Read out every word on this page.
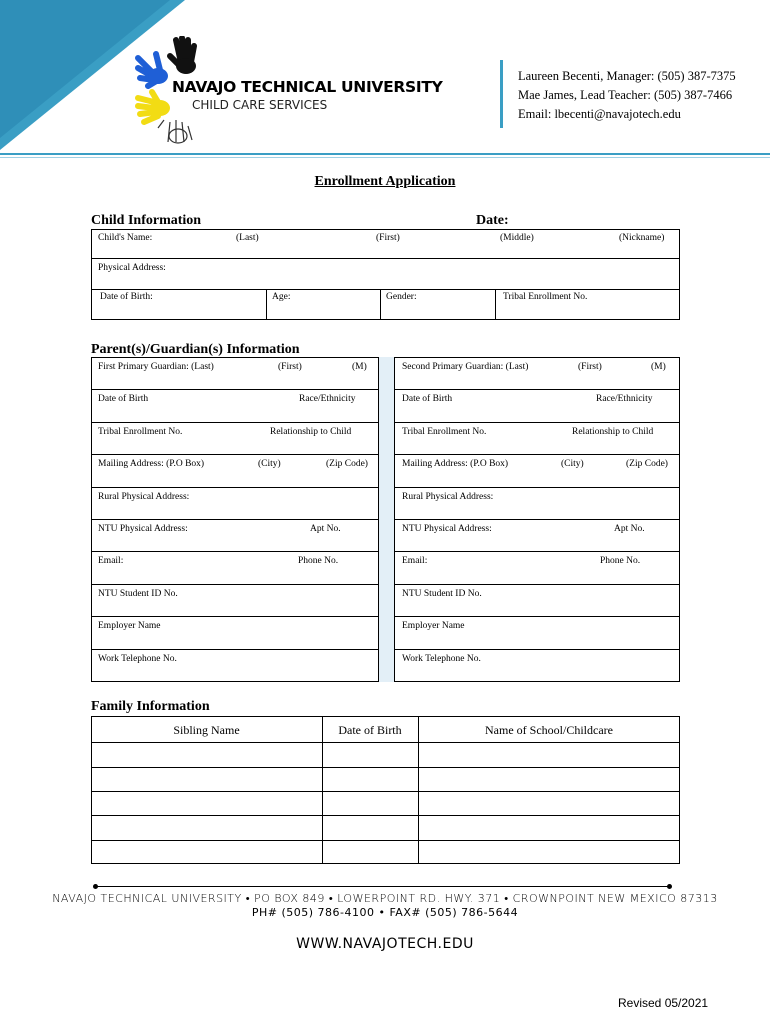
NAVAJO TECHNICAL UNIVERSITY
CHILD CARE SERVICES
Laureen Becenti, Manager: (505) 387-7375
Mae James, Lead Teacher: (505) 387-7466
Email: lbecenti@navajotech.edu
Enrollment Application
Child Information	Date:
Child's Name:	(Last)	(First)	(Middle)	(Nickname)
Physical Address:
Date of Birth:	Age:	Gender:	Tribal Enrollment No.
Parent(s)/Guardian(s) Information
First Primary Guardian: (Last)	(First)	(M)	Second Primary Guardian: (Last)	(First)	(M)
Date of Birth	Race/Ethnicity	Date of Birth	Race/Ethnicity
Tribal Enrollment No.	Relationship to Child	Tribal Enrollment No.	Relationship to Child
Mailing Address: (P.O Box)	(City)	(Zip Code)	Mailing Address: (P.O Box)	(City)	(Zip Code)
Rural Physical Address:	Rural Physical Address:
NTU Physical Address:	Apt No.	NTU Physical Address:	Apt No.
Email:	Phone No.	Email:	Phone No.
NTU Student ID No.	NTU Student ID No.
Employer Name	Employer Name
Work Telephone No.	Work Telephone No.
Family Information
Sibling Name	Date of Birth	Name of School/Childcare
NAVAJO TECHNICAL UNIVERSITY • PO BOX 849 • LOWERPOINT RD. HWY. 371 • CROWNPOINT NEW MEXICO 87313
PH# (505) 786-4100 • FAX# (505) 786-5644
WWW.NAVAJOTECH.EDU
Revised 05/2021
